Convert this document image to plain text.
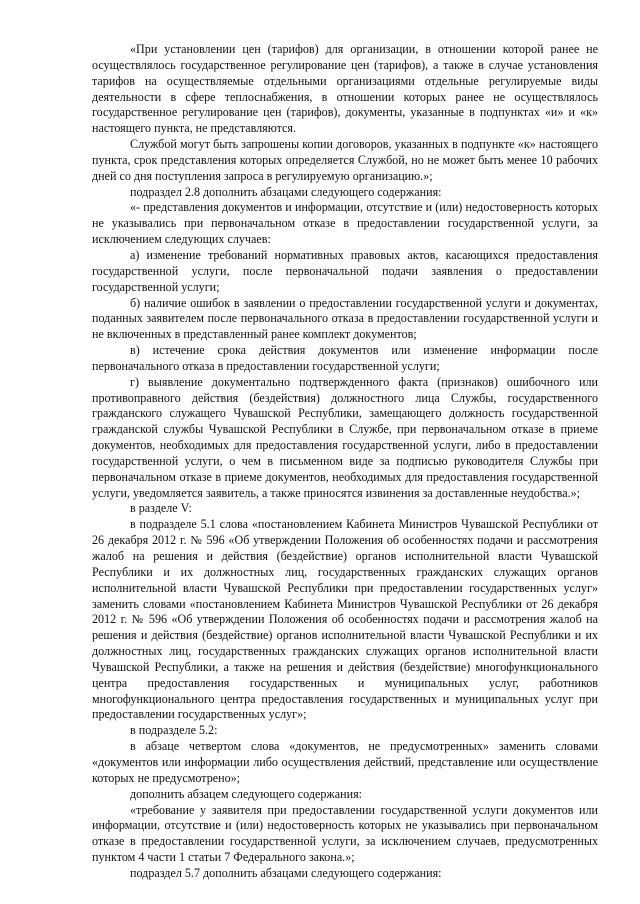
«При установлении цен (тарифов) для организации, в отношении которой ранее не осуществлялось государственное регулирование цен (тарифов), а также в случае установления тарифов на осуществляемые отдельными организациями отдельные регулируемые виды деятельности в сфере теплоснабжения, в отношении которых ранее не осуществлялось государственное регулирование цен (тарифов), документы, указанные в подпунктах «и» и «к» настоящего пункта, не представляются.

Службой могут быть запрошены копии договоров, указанных в подпункте «к» настоящего пункта, срок представления которых определяется Службой, но не может быть менее 10 рабочих дней со дня поступления запроса в регулируемую организацию.»;

подраздел 2.8 дополнить абзацами следующего содержания:

«- представления документов и информации, отсутствие и (или) недостоверность которых не указывались при первоначальном отказе в предоставлении государственной услуги, за исключением следующих случаев:

а) изменение требований нормативных правовых актов, касающихся предоставления государственной услуги, после первоначальной подачи заявления о предоставлении государственной услуги;

б) наличие ошибок в заявлении о предоставлении государственной услуги и документах, поданных заявителем после первоначального отказа в предоставлении государственной услуги и не включенных в представленный ранее комплект документов;

в) истечение срока действия документов или изменение информации после первоначального отказа в предоставлении государственной услуги;

г) выявление документально подтвержденного факта (признаков) ошибочного или противоправного действия (бездействия) должностного лица Службы, государственного гражданского служащего Чувашской Республики, замещающего должность государственной гражданской службы Чувашской Республики в Службе, при первоначальном отказе в приеме документов, необходимых для предоставления государственной услуги, либо в предоставлении государственной услуги, о чем в письменном виде за подписью руководителя Службы при первоначальном отказе в приеме документов, необходимых для предоставления государственной услуги, уведомляется заявитель, а также приносятся извинения за доставленные неудобства.»;

в разделе V:

в подразделе 5.1 слова «постановлением Кабинета Министров Чувашской Республики от 26 декабря 2012 г. № 596 «Об утверждении Положения об особенностях подачи и рассмотрения жалоб на решения и действия (бездействие) органов исполнительной власти Чувашской Республики и их должностных лиц, государственных гражданских служащих органов исполнительной власти Чувашской Республики при предоставлении государственных услуг» заменить словами «постановлением Кабинета Министров Чувашской Республики от 26 декабря 2012 г. № 596 «Об утверждении Положения об особенностях подачи и рассмотрения жалоб на решения и действия (бездействие) органов исполнительной власти Чувашской Республики и их должностных лиц, государственных гражданских служащих органов исполнительной власти Чувашской Республики, а также на решения и действия (бездействие) многофункционального центра предоставления государственных и муниципальных услуг, работников многофункционального центра предоставления государственных и муниципальных услуг при предоставлении государственных услуг»;

в подразделе 5.2:

в абзаце четвертом слова «документов, не предусмотренных» заменить словами «документов или информации либо осуществления действий, представление или осуществление которых не предусмотрено»;

дополнить абзацем следующего содержания:

«требование у заявителя при предоставлении государственной услуги документов или информации, отсутствие и (или) недостоверность которых не указывались при первоначальном отказе в предоставлении государственной услуги, за исключением случаев, предусмотренных пунктом 4 части 1 статьи 7 Федерального закона.»;

подраздел 5.7 дополнить абзацами следующего содержания:
